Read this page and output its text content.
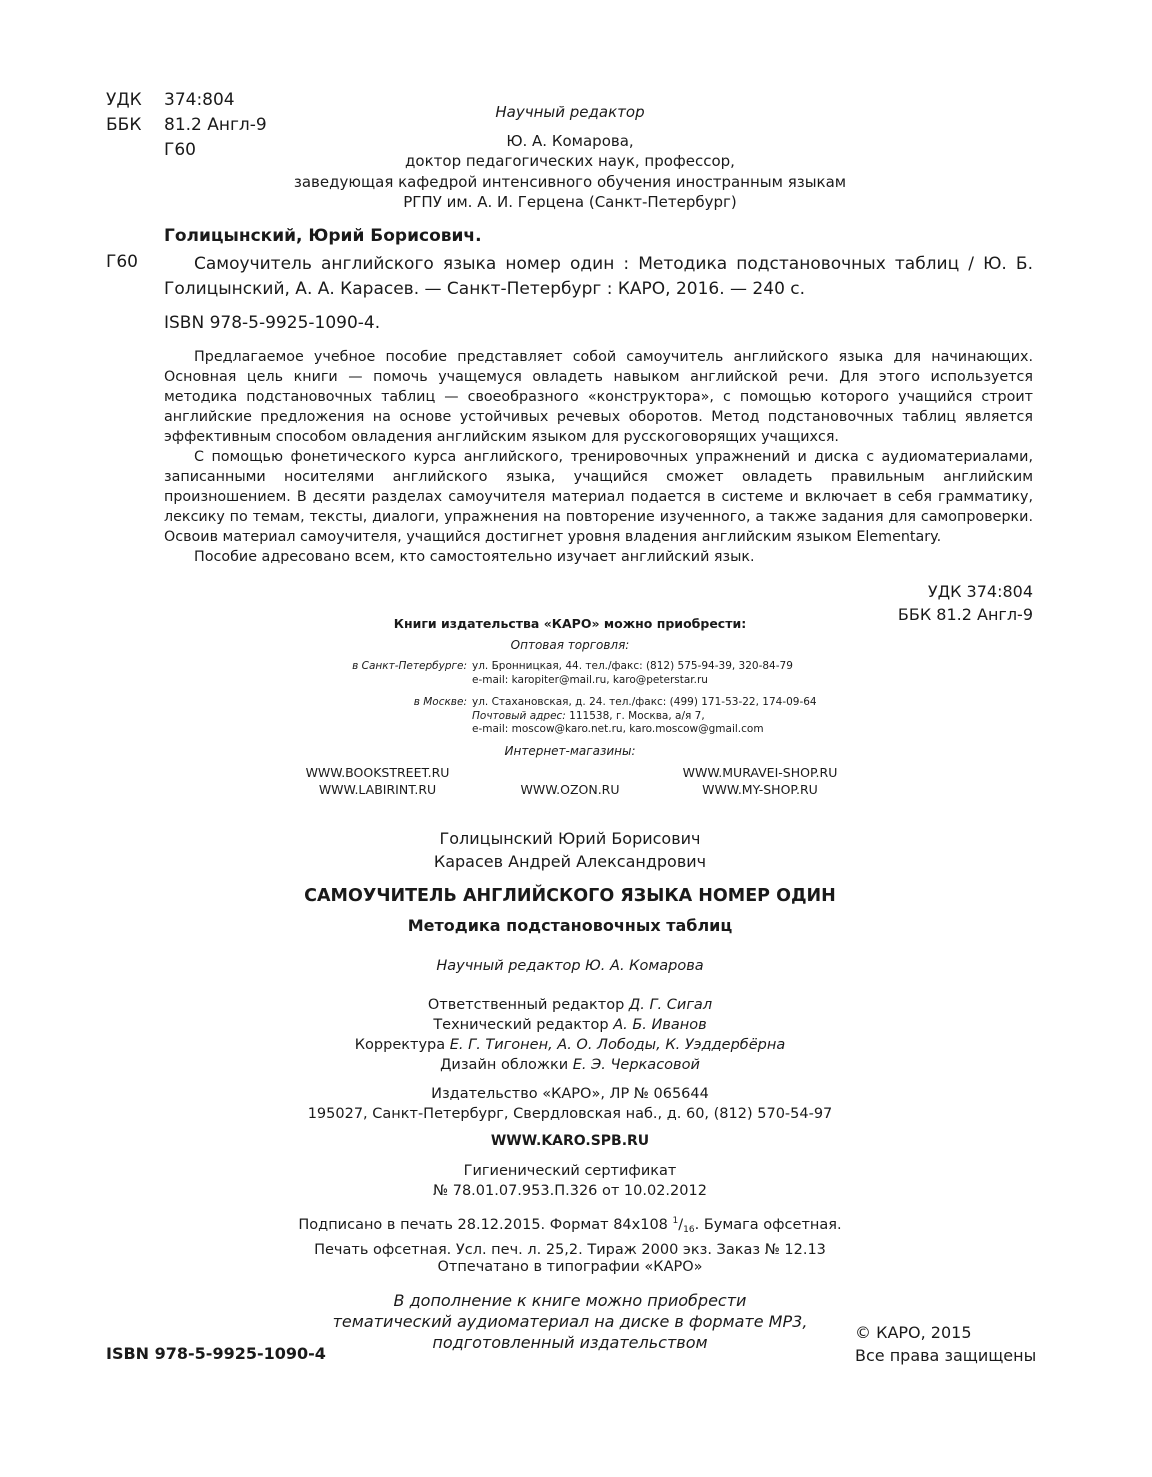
УДК	374:804
ББК	81.2 Англ-9
Г60
Научный редактор
Ю. А. Комарова,
доктор педагогических наук, профессор,
заведующая кафедрой интенсивного обучения иностранным языкам
РГПУ им. А. И. Герцена (Санкт-Петербург)
Голицынский, Юрий Борисович.
Г60	Самоучитель английского языка номер один : Методика подстановочных таблиц / Ю. Б. Голицынский, А. А. Карасев. — Санкт-Петербург : КАРО, 2016. — 240 с.
ISBN 978-5-9925-1090-4.

Предлагаемое учебное пособие представляет собой самоучитель английского языка для начинающих. Основная цель книги — помочь учащемуся овладеть навыком английской речи. Для этого используется методика подстановочных таблиц — своеобразного «конструктора», с помощью которого учащийся строит английские предложения на основе устойчивых речевых оборотов. Метод подстановочных таблиц является эффективным способом овладения английским языком для русскоговорящих учащихся.

С помощью фонетического курса английского, тренировочных упражнений и диска с аудиоматериалами, записанными носителями английского языка, учащийся сможет овладеть правильным английским произношением. В десяти разделах самоучителя материал подается в системе и включает в себя грамматику, лексику по темам, тексты, диалоги, упражнения на повторение изученного, а также задания для самопроверки. Освоив материал самоучителя, учащийся достигнет уровня владения английским языком Elementary.

Пособие адресовано всем, кто самостоятельно изучает английский язык.

УДК 374:804
ББК 81.2 Англ-9
Книги издательства «КАРО» можно приобрести:
Оптовая торговля:
в Санкт-Петербурге: ул. Бронницкая, 44. тел./факс: (812) 575-94-39, 320-84-79
e-mail: karopiter@mail.ru, karo@peterstar.ru
в Москве: ул. Стахановская, д. 24. тел./факс: (499) 171-53-22, 174-09-64
Почтовый адрес: 111538, г. Москва, а/я 7,
e-mail: moscow@karo.net.ru, karo.moscow@gmail.com
Интернет-магазины:
WWW.BOOKSTREET.RU
WWW.LABIRINT.RU	WWW.OZON.RU
WWW.MURAVEI-SHOP.RU
WWW.MY-SHOP.RU
Голицынский Юрий Борисович
Карасев Андрей Александрович
САМОУЧИТЕЛЬ АНГЛИЙСКОГО ЯЗЫКА НОМЕР ОДИН
Методика подстановочных таблиц
Научный редактор Ю. А. Комарова
Ответственный редактор Д. Г. Сигал
Технический редактор А. Б. Иванов
Корректура Е. Г. Тигонен, А. О. Лободы, К. Уэддербёрна
Дизайн обложки Е. Э. Черкасовой
Издательство «КАРО», ЛР № 065644
195027, Санкт-Петербург, Свердловская наб., д. 60, (812) 570-54-97
WWW.KARO.SPB.RU
Гигиенический сертификат
№ 78.01.07.953.П.326 от 10.02.2012
Подписано в печать 28.12.2015. Формат 84x108 $^1/_{16}$. Бумага офсетная.
Печать офсетная. Усл. печ. л. 25,2. Тираж 2000 экз. Заказ № 12.13
Отпечатано в типографии «КАРО»
В дополнение к книге можно приобрести
тематический аудиоматериал на диске в формате MP3,
подготовленный издательством
ISBN 978-5-9925-1090-4
© КАРО, 2015
Все права защищены
